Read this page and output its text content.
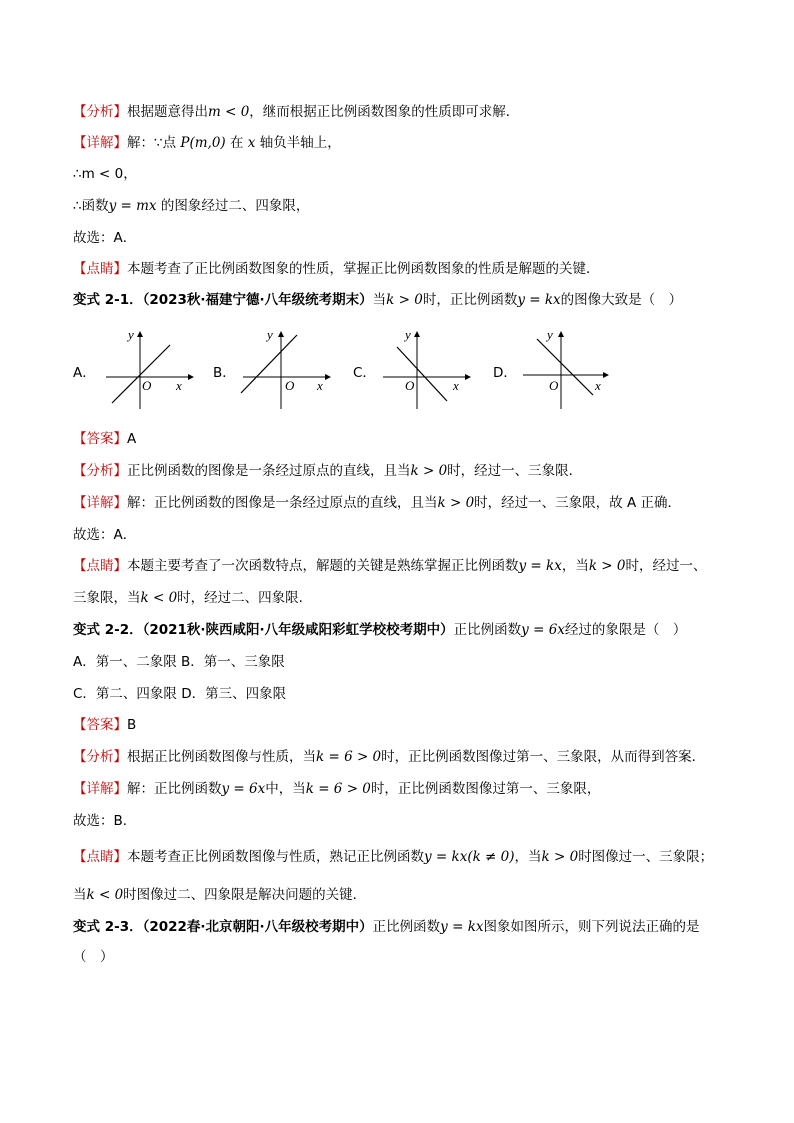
【分析】根据题意得出m < 0，继而根据正比例函数图象的性质即可求解．
【详解】解：∵点 P(m,0) 在 x 轴负半轴上，
∴m < 0，
∴函数y = mx 的图象经过二、四象限，
故选：A．
【点睛】本题考查了正比例函数图象的性质，掌握正比例函数图象的性质是解题的关键．
变式 2-1．（2023秋·福建宁德·八年级统考期末）当k > 0时，正比例函数y = kx的图像大致是（　）
A．
y
x
O
B．
y
x
O
C．
y
x
O
D．
y
x
O
【答案】A
【分析】正比例函数的图像是一条经过原点的直线，且当k > 0时，经过一、三象限．
【详解】解：正比例函数的图像是一条经过原点的直线，且当k > 0时，经过一、三象限，故 A 正确．
故选：A．
【点睛】本题主要考查了一次函数特点，解题的关键是熟练掌握正比例函数y = kx，当k > 0时，经过一、
三象限，当k < 0时，经过二、四象限．
变式 2-2．（2021秋·陕西咸阳·八年级咸阳彩虹学校校考期中）正比例函数y = 6x经过的象限是（　）
A．第一、二象限 B．第一、三象限
C．第二、四象限 D．第三、四象限
【答案】B
【分析】根据正比例函数图像与性质，当k = 6 > 0时，正比例函数图像过第一、三象限，从而得到答案．
【详解】解：正比例函数y = 6x中，当k = 6 > 0时，正比例函数图像过第一、三象限，
故选：B．
【点睛】本题考查正比例函数图像与性质，熟记正比例函数y = kx(k ≠ 0)，当k > 0时图像过一、三象限；
当k < 0时图像过二、四象限是解决问题的关键．
变式 2-3．（2022春·北京朝阳·八年级校考期中）正比例函数y = kx图象如图所示，则下列说法正确的是
（　）
